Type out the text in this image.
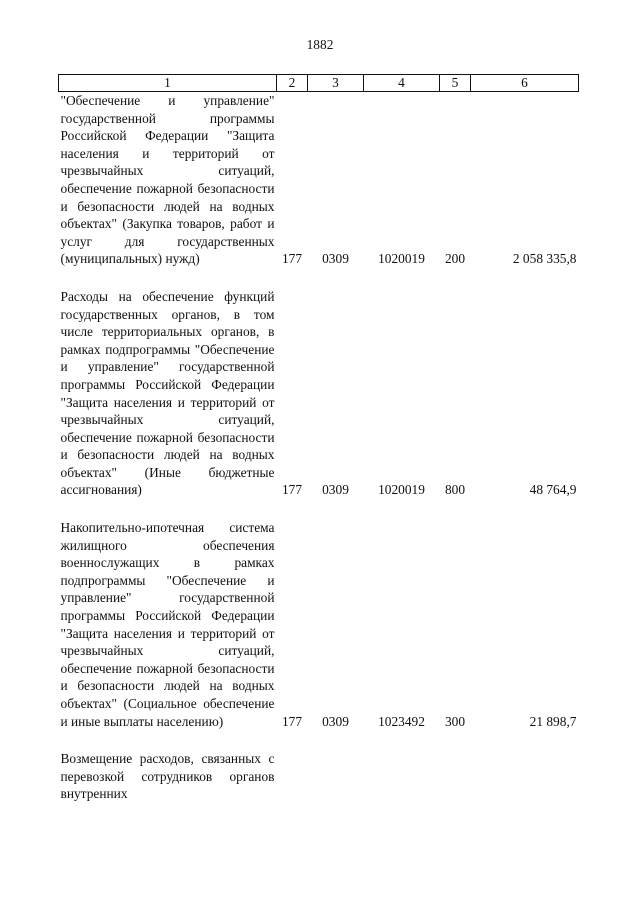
1882
1	2	3	4	5	6
"Обеспечение и управление" государственной программы Российской Федерации "Защита населения и территорий от чрезвычайных ситуаций, обеспечение пожарной безопасности и безопасности людей на водных объектах" (Закупка товаров, работ и услуг для государственных (муниципальных) нужд)	177	0309	1020019	200	2 058 335,8

Расходы на обеспечение функций государственных органов, в том числе территориальных органов, в рамках подпрограммы "Обеспечение и управление" государственной программы Российской Федерации "Защита населения и территорий от чрезвычайных ситуаций, обеспечение пожарной безопасности и безопасности людей на водных объектах" (Иные бюджетные ассигнования)	177	0309	1020019	800	48 764,9

Накопительно-ипотечная система жилищного обеспечения военнослужащих в рамках подпрограммы "Обеспечение и управление" государственной программы Российской Федерации "Защита населения и территорий от чрезвычайных ситуаций, обеспечение пожарной безопасности и безопасности людей на водных объектах" (Социальное обеспечение и иные выплаты населению)	177	0309	1023492	300	21 898,7

Возмещение расходов, связанных с перевозкой сотрудников органов внутренних					
